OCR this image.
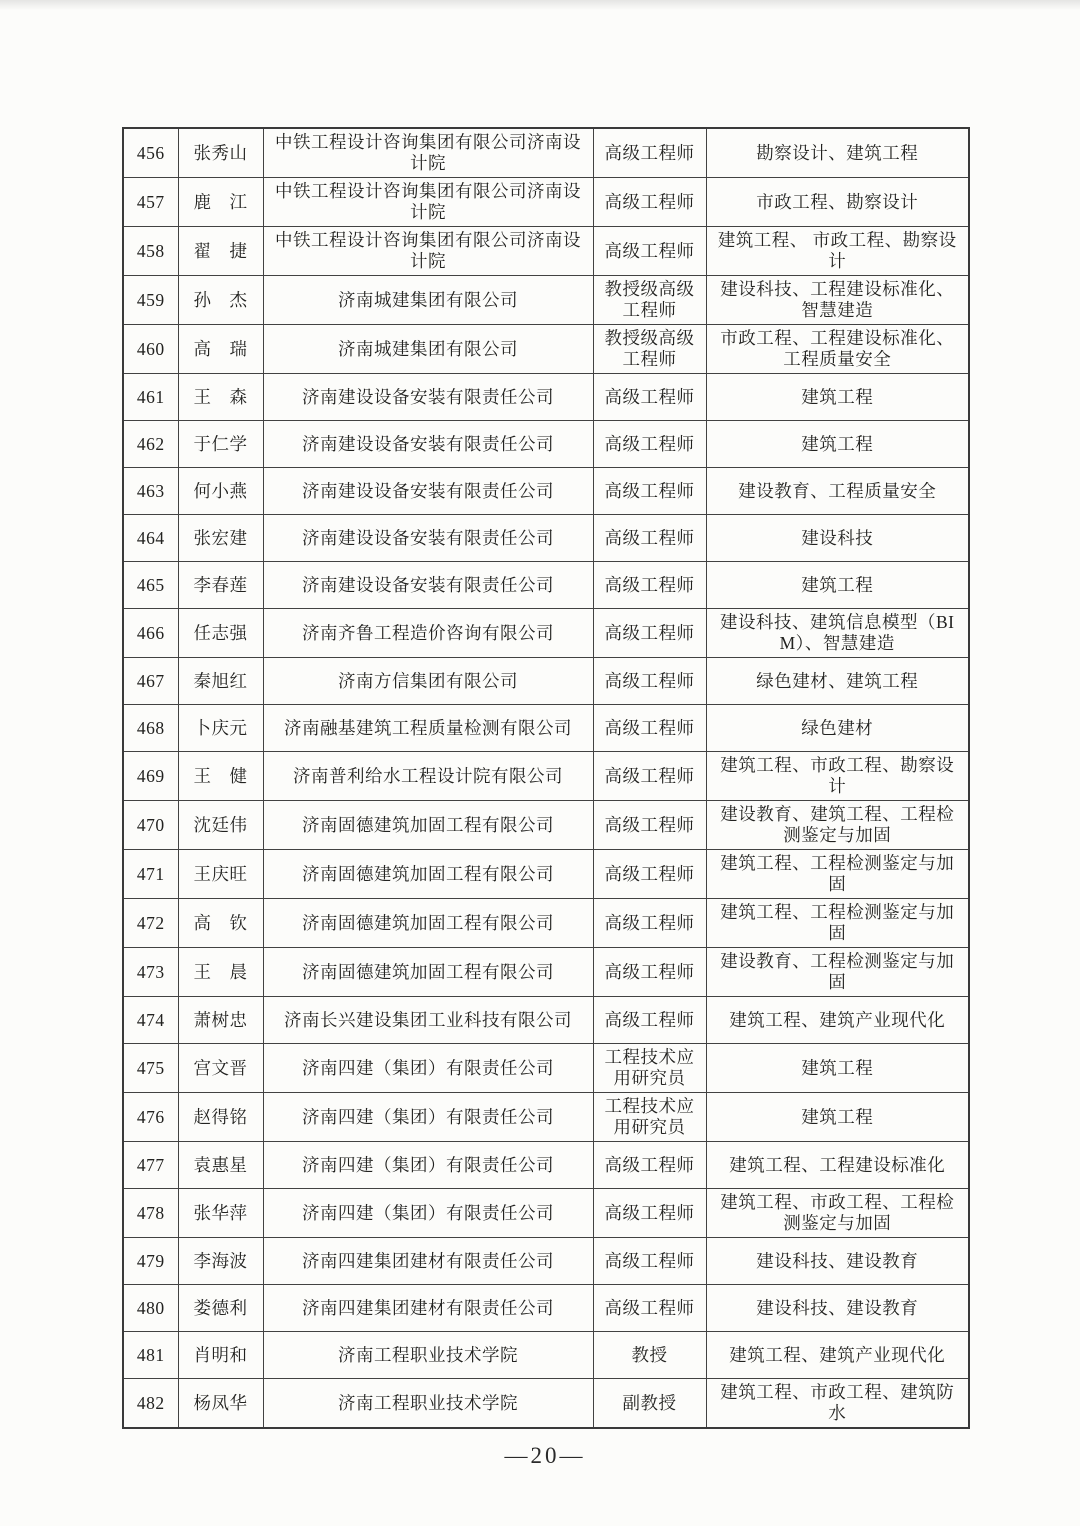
456	张秀山	中铁工程设计咨询集团有限公司济南设计院	高级工程师	勘察设计、建筑工程
457	鹿　江	中铁工程设计咨询集团有限公司济南设计院	高级工程师	市政工程、勘察设计
458	翟　捷	中铁工程设计咨询集团有限公司济南设计院	高级工程师	建筑工程、 市政工程、勘察设计
459	孙　杰	济南城建集团有限公司	教授级高级工程师	建设科技、工程建设标准化、智慧建造
460	高　瑞	济南城建集团有限公司	教授级高级工程师	市政工程、工程建设标准化、工程质量安全
461	王　森	济南建设设备安装有限责任公司	高级工程师	建筑工程
462	于仁学	济南建设设备安装有限责任公司	高级工程师	建筑工程
463	何小燕	济南建设设备安装有限责任公司	高级工程师	建设教育、工程质量安全
464	张宏建	济南建设设备安装有限责任公司	高级工程师	建设科技
465	李春莲	济南建设设备安装有限责任公司	高级工程师	建筑工程
466	任志强	济南齐鲁工程造价咨询有限公司	高级工程师	建设科技、建筑信息模型（BIM）、智慧建造
467	秦旭红	济南方信集团有限公司	高级工程师	绿色建材、建筑工程
468	卜庆元	济南融基建筑工程质量检测有限公司	高级工程师	绿色建材
469	王　健	济南普利给水工程设计院有限公司	高级工程师	建筑工程、市政工程、勘察设计
470	沈廷伟	济南固德建筑加固工程有限公司	高级工程师	建设教育、建筑工程、工程检测鉴定与加固
471	王庆旺	济南固德建筑加固工程有限公司	高级工程师	建筑工程、工程检测鉴定与加固
472	高　钦	济南固德建筑加固工程有限公司	高级工程师	建筑工程、工程检测鉴定与加固
473	王　晨	济南固德建筑加固工程有限公司	高级工程师	建设教育、工程检测鉴定与加固
474	萧树忠	济南长兴建设集团工业科技有限公司	高级工程师	建筑工程、建筑产业现代化
475	宫文晋	济南四建（集团）有限责任公司	工程技术应用研究员	建筑工程
476	赵得铭	济南四建（集团）有限责任公司	工程技术应用研究员	建筑工程
477	袁惠星	济南四建（集团）有限责任公司	高级工程师	建筑工程、工程建设标准化
478	张华萍	济南四建（集团）有限责任公司	高级工程师	建筑工程、市政工程、工程检测鉴定与加固
479	李海波	济南四建集团建材有限责任公司	高级工程师	建设科技、建设教育
480	娄德利	济南四建集团建材有限责任公司	高级工程师	建设科技、建设教育
481	肖明和	济南工程职业技术学院	教授	建筑工程、建筑产业现代化
482	杨凤华	济南工程职业技术学院	副教授	建筑工程、市政工程、建筑防水
—20—
